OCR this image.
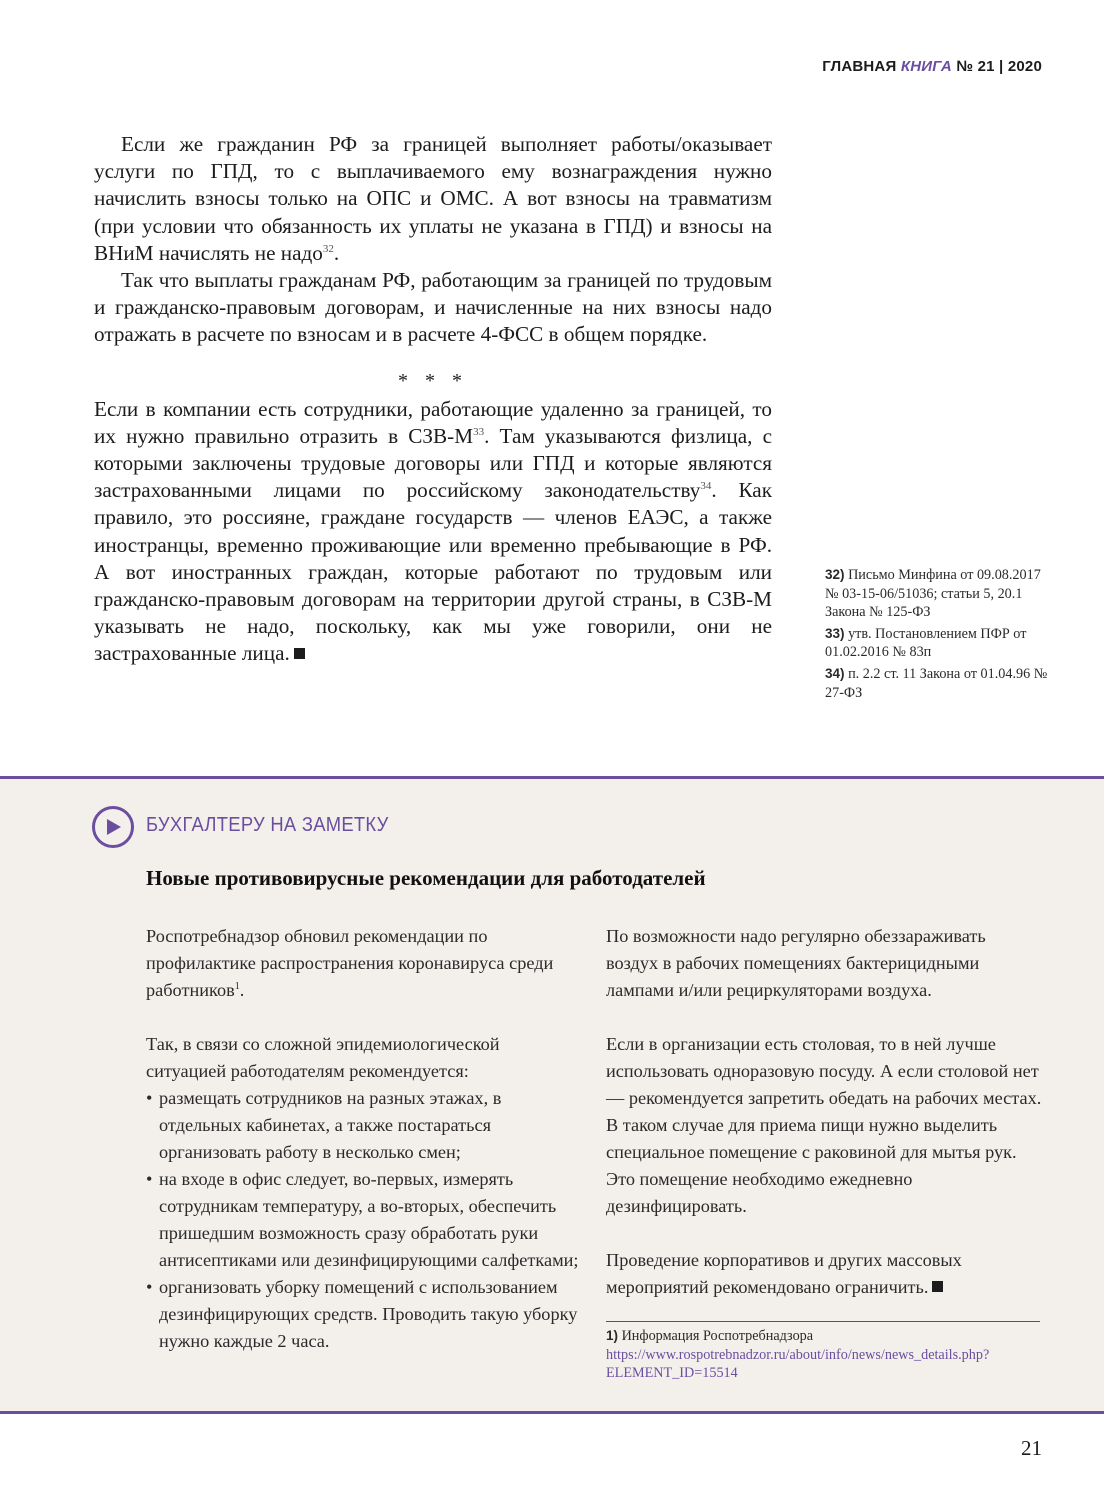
ГЛАВНАЯ КНИГА № 21 | 2020

Если же гражданин РФ за границей выполняет работы/оказывает услуги по ГПД, то с выплачиваемого ему вознаграждения нужно начислить взносы только на ОПС и ОМС. А вот взносы на травматизм (при условии что обязанность их уплаты не указана в ГПД) и взносы на ВНиМ начислять не надо$^{32}$.

Так что выплаты гражданам РФ, работающим за границей по трудовым и гражданско-правовым договорам, и начисленные на них взносы надо отражать в расчете по взносам и в расчете 4-ФСС в общем порядке.

* * *

Если в компании есть сотрудники, работающие удаленно за границей, то их нужно правильно отразить в СЗВ-$М^{33}$. Там указываются физлица, с которыми заключены трудовые договоры или ГПД и которые являются застрахованными лицами по российскому законодательству$^{34}$. Как правило, это россияне, граждане государств — членов ЕАЭС, а также иностранцы, временно проживающие или временно пребывающие в РФ. А вот иностранных граждан, которые работают по трудовым или гражданско-правовым договорам на территории другой страны, в СЗВ-М указывать не надо, поскольку, как мы уже говорили, они не застрахованные лица.

32) Письмо Минфина от 09.08.2017 № 03-15-06/51036; статьи 5, 20.1 Закона № 125-ФЗ
33) утв. Постановлением ПФР от 01.02.2016 № 83п
34) п. 2.2 ст. 11 Закона от 01.04.96 № 27-ФЗ
БУХГАЛТЕРУ НА ЗАМЕТКУ
Новые противовирусные рекомендации для работодателей

Роспотребнадзор обновил рекомендации по профилактике распространения коронавируса среди работников$^1$.

Так, в связи со сложной эпидемиологической ситуацией работодателям рекомендуется:

• размещать сотрудников на разных этажах, в отдельных кабинетах, а также постараться организовать работу в несколько смен;
• на входе в офис следует, во-первых, измерять сотрудникам температуру, а во-вторых, обеспечить пришедшим возможность сразу обработать руки антисептиками или дезинфицирующими салфетками;
• организовать уборку помещений с использованием дезинфицирующих средств. Проводить такую уборку нужно каждые 2 часа.

По возможности надо регулярно обеззараживать воздух в рабочих помещениях бактерицидными лампами и/или рециркуляторами воздуха.

Если в организации есть столовая, то в ней лучше использовать одноразовую посуду. А если столовой нет — рекомендуется запретить обедать на рабочих местах. В таком случае для приема пищи нужно выделить специальное помещение с раковиной для мытья рук. Это помещение необходимо ежедневно дезинфицировать.

Проведение корпоративов и других массовых мероприятий рекомендовано ограничить.

1) Информация Роспотребнадзора
https://www.rospotrebnadzor.ru/about/info/news/news_details.php?ELEMENT_ID=15514
21
